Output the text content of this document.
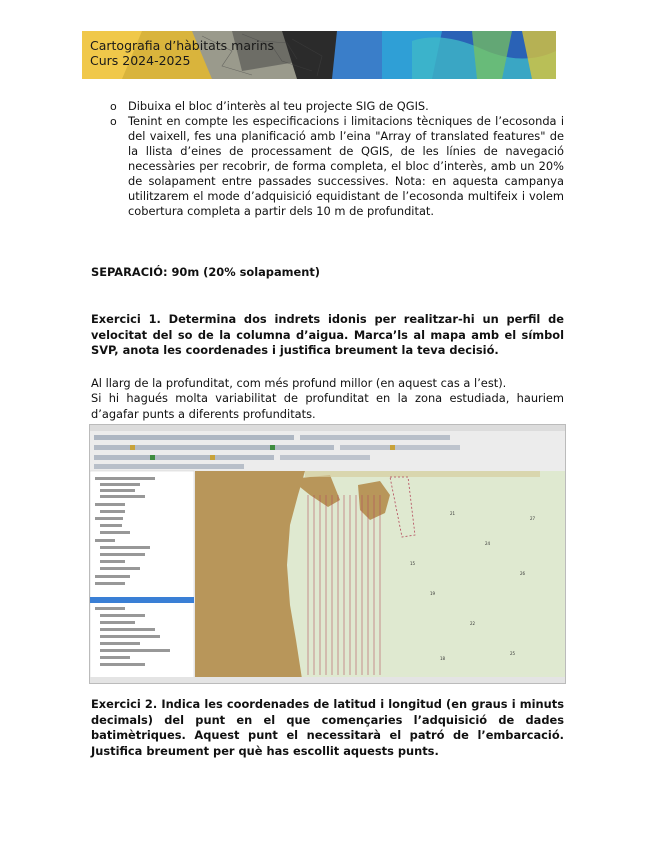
Cartografia d’hàbitats marins
Curs 2024-2025
o Dibuixa el bloc d’interès al teu projecte SIG de QGIS.
o Tenint en compte les especificacions i limitacions tècniques de l’ecosonda i del vaixell, fes una planificació amb l’eina "Array of translated features" de la llista d’eines de processament de QGIS, de les línies de navegació necessàries per recobrir, de forma completa, el bloc d’interès, amb un 20% de solapament entre passades successives. Nota: en aquesta campanya utilitzarem el mode d’adquisició equidistant de l’ecosonda multifeix i volem cobertura completa a partir dels 10 m de profunditat.
SEPARACIÓ: 90m (20% solapament)
Exercici 1. Determina dos indrets idonis per realitzar-hi un perfil de velocitat del so de la columna d’aigua. Marca’ls al mapa amb el símbol SVP, anota les coordenades i justifica breument la teva decisió.
Al llarg de la profunditat, com més profund millor (en aquest cas a l’est).
Si hi hagués molta variabilitat de profunditat en la zona estudiada, hauriem d’agafar punts a diferents profunditats.
21
24
26
19
22
25
18
27
15
Exercici 2. Indica les coordenades de latitud i longitud (en graus i minuts decimals) del punt en el que començaries l’adquisició de dades batimètriques. Aquest punt el necessitarà el patró de l’embarcació. Justifica breument per què has escollit aquests punts.
